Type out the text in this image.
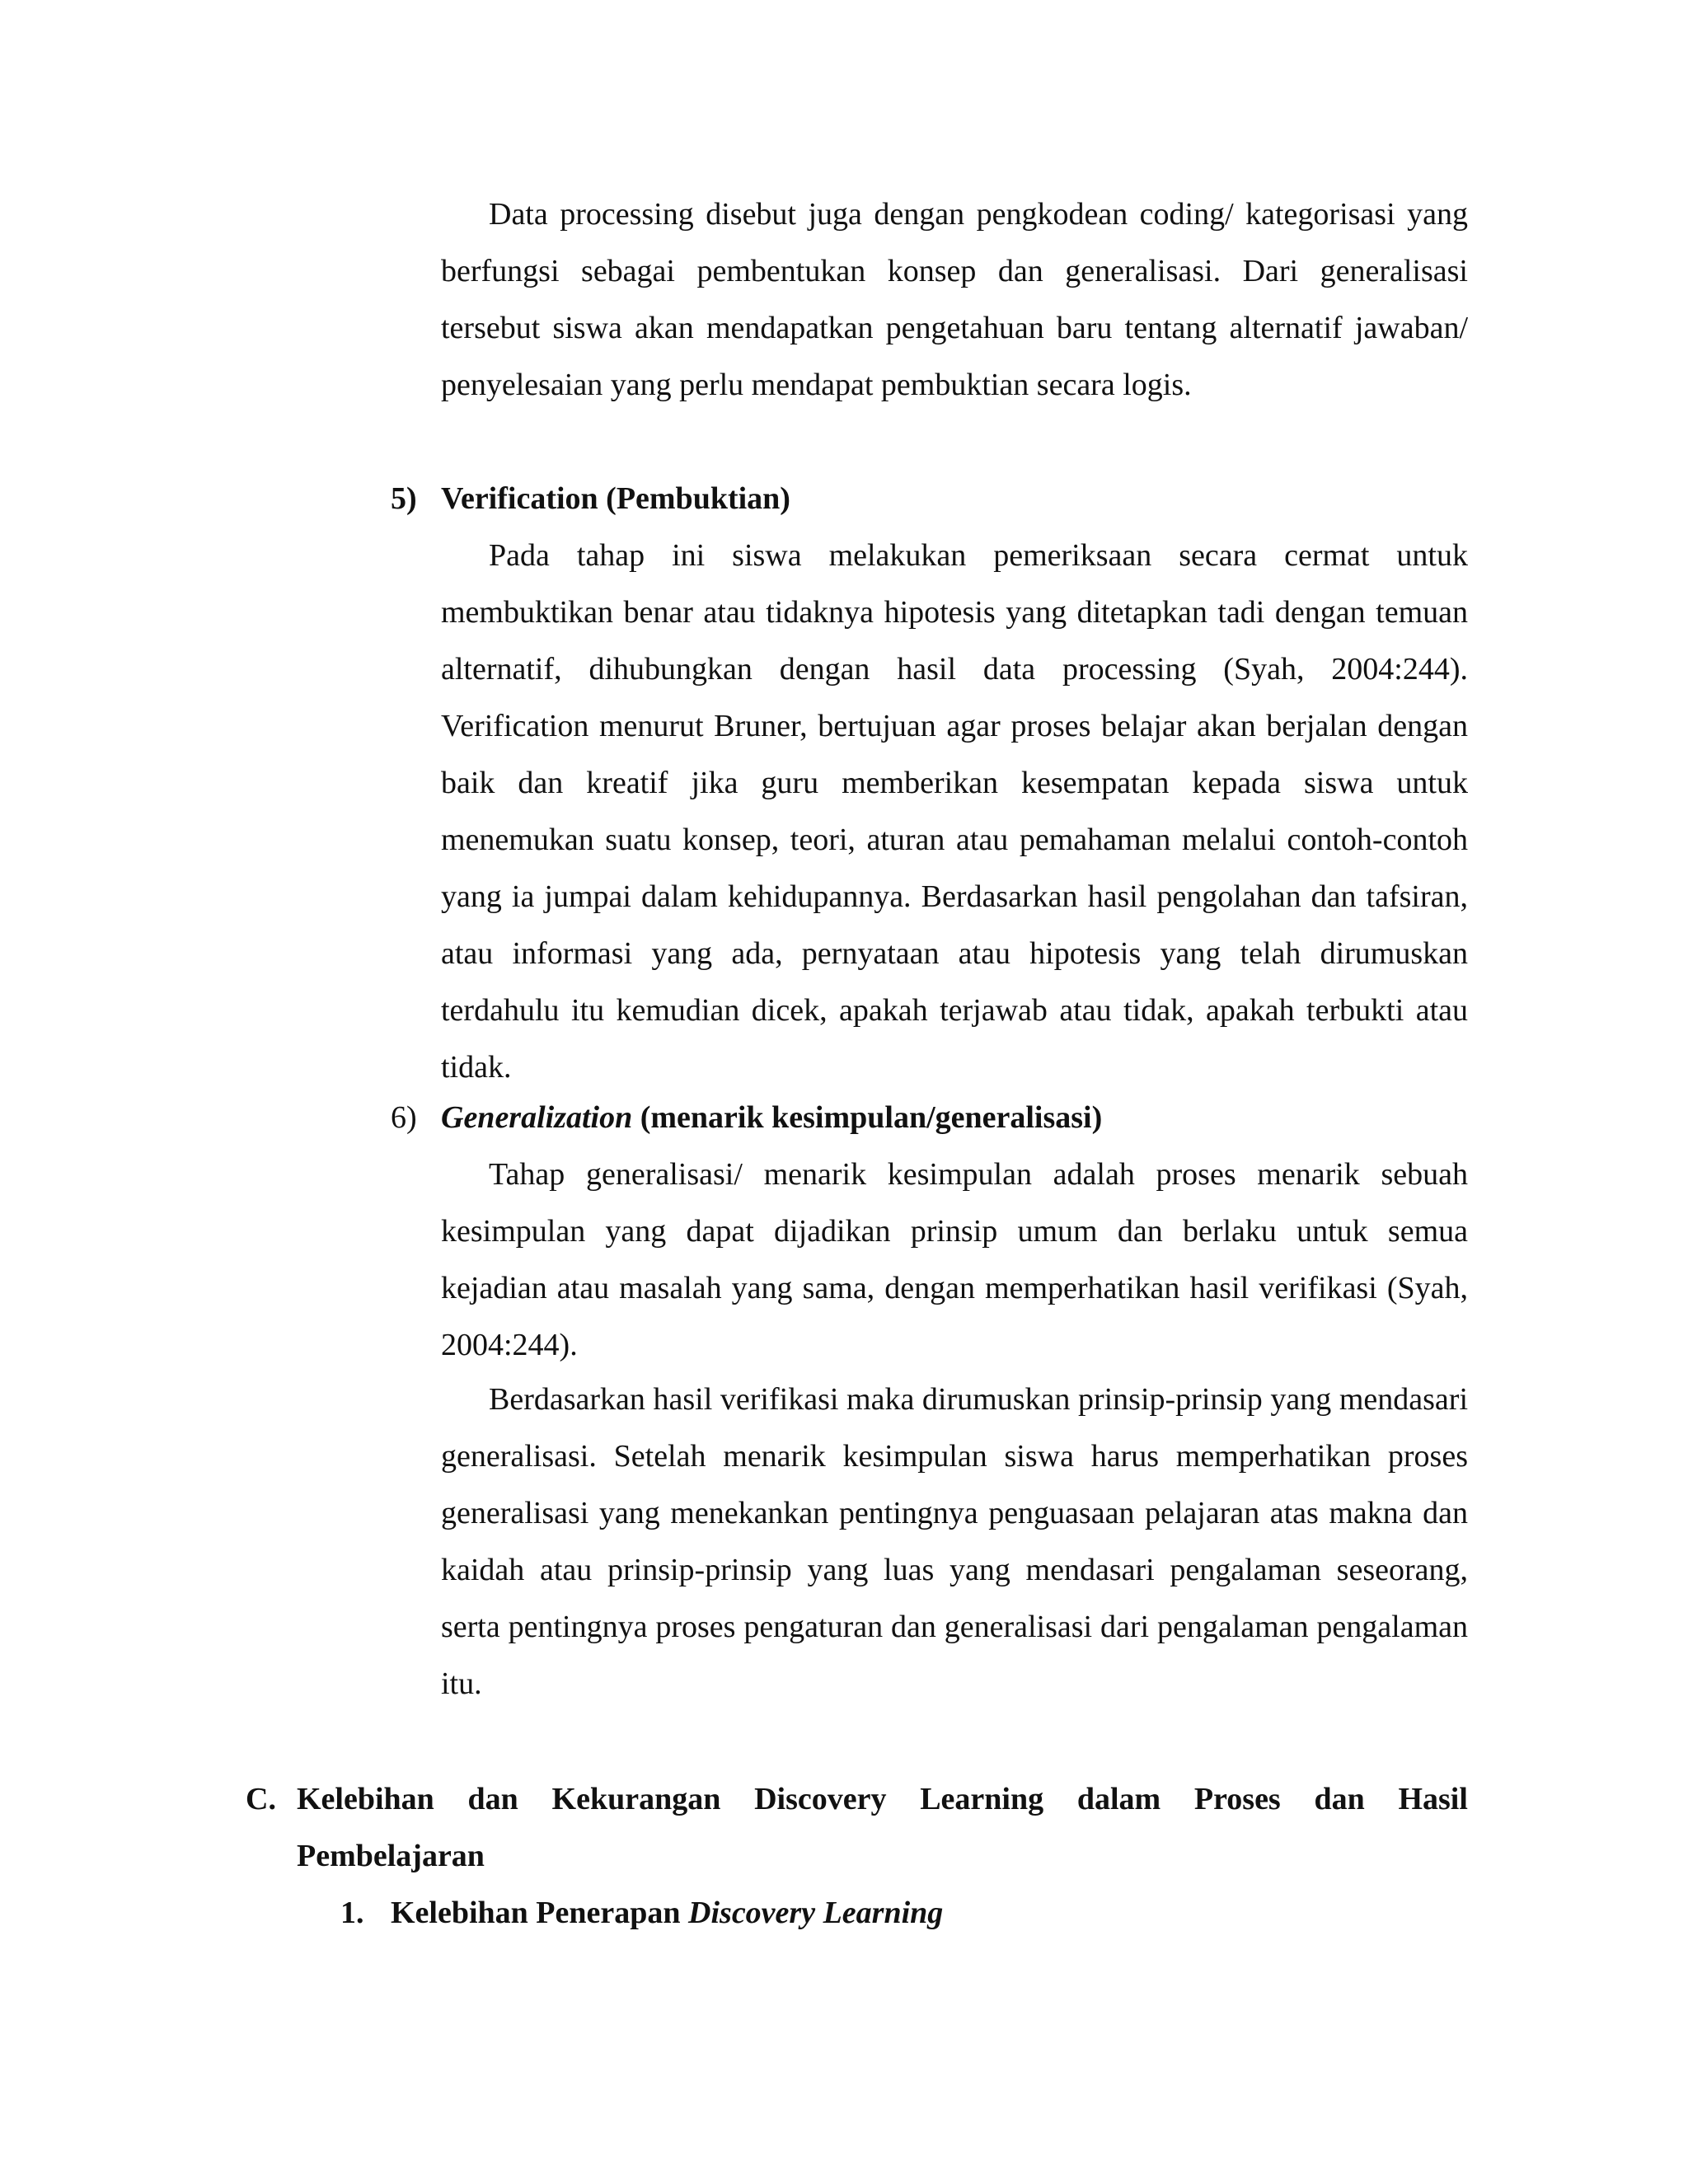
Data processing disebut juga dengan pengkodean coding/ kategorisasi yang berfungsi sebagai pembentukan konsep dan generalisasi. Dari generalisasi tersebut siswa akan mendapatkan pengetahuan baru tentang alternatif jawaban/ penyelesaian yang perlu mendapat pembuktian secara logis.

5) Verification (Pembuktian)

Pada tahap ini siswa melakukan pemeriksaan secara cermat untuk membuktikan benar atau tidaknya hipotesis yang ditetapkan tadi dengan temuan alternatif, dihubungkan dengan hasil data processing (Syah, 2004:244). Verification menurut Bruner, bertujuan agar proses belajar akan berjalan dengan baik dan kreatif jika guru memberikan kesempatan kepada siswa untuk menemukan suatu konsep, teori, aturan atau pemahaman melalui contoh-contoh yang ia jumpai dalam kehidupannya. Berdasarkan hasil pengolahan dan tafsiran, atau informasi yang ada, pernyataan atau hipotesis yang telah dirumuskan terdahulu itu kemudian dicek, apakah terjawab atau tidak, apakah terbukti atau tidak.

6) Generalization (menarik kesimpulan/generalisasi)

Tahap generalisasi/ menarik kesimpulan adalah proses menarik sebuah kesimpulan yang dapat dijadikan prinsip umum dan berlaku untuk semua kejadian atau masalah yang sama, dengan memperhatikan hasil verifikasi (Syah, 2004:244).

Berdasarkan hasil verifikasi maka dirumuskan prinsip-prinsip yang mendasari generalisasi. Setelah menarik kesimpulan siswa harus memperhatikan proses generalisasi yang menekankan pentingnya penguasaan pelajaran atas makna dan kaidah atau prinsip-prinsip yang luas yang mendasari pengalaman seseorang, serta pentingnya proses pengaturan dan generalisasi dari pengalaman pengalaman itu.

C. Kelebihan dan Kekurangan Discovery Learning dalam Proses dan Hasil
Pembelajaran
1. Kelebihan Penerapan Discovery Learning
